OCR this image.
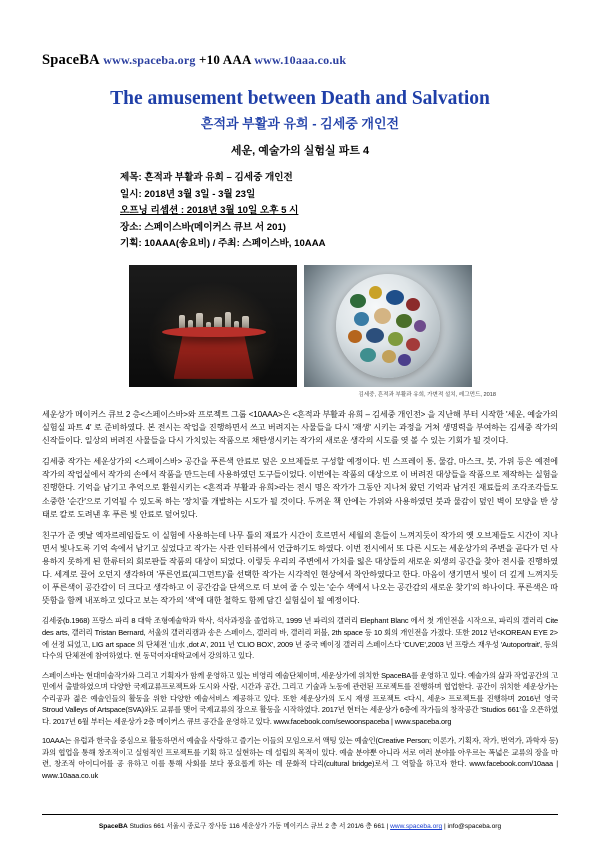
SpaceBA www.spaceba.org +10 AAA www.10aaa.co.uk
The amusement between Death and Salvation
흔적과 부활과 유희 - 김세중 개인전
세운, 예술가의 실험실 파트 4
제목: 흔적과 부활과 유희 – 김세중 개인전
일시: 2018년 3월 3일 - 3월 23일
오프닝 리셉션 : 2018년 3월 10일 오후 5 시
장소: 스페이스바(메이커스 큐브 서 201)
기획: 10AAA(송요비) / 주최: 스페이스바, 10AAA
김세중, 흔적과 부활과 유희, 가변적 설치, 레그먼드, 2018

세운상가 메이커스 큐브 2 층<스페이스바>와 프로젝트 그룹 <10AAA>은 <흔적과 부활과 유희 – 김세중 개인전> 을 지난해 부터 시작한 '세운, 예술가의 실험실 파트 4' 로 준비하였다. 본 전시는 작업을 진행하면서 쓰고 버려지는 사물들을 다시 '재생' 시키는 과정을 거쳐 생명력을 부여하는 김세중 작가의 신작들이다. 일상의 버려진 사물들을 다시 가치있는 작품으로 채탄생시키는 작가의 새로운 생각의 시도를 엿 볼 수 있는 기회가 될 것이다.

김세중 작가는 세운상가의 <스페이스바> 공간을 푸른색 안료로 덮은 오브제들로 구성할 예정이다. 빈 스프레이 통, 물감, 마스크, 붓, 가위 등은 예전에 작가의 작업실에서 작가의 손에서 작품을 만드는데 사용하였던 도구들이었다. 이번에는 작품의 대상으로 이 버려진 대상들을 작품으로 제작하는 실험을 진행한다. 기억을 남기고 추억으로 환원시키는 <흔적과 부활과 유희>라는 전시 명은 작가가 그동안 지나쳐 왔던 기억과 남겨진 재료들의 조각조각들도 소중한 '순간'으로 기억될 수 있도록 하는 '장치'를 개발하는 시도가 될 것이다. 두꺼운 책 안에는 가위와 사용하였던 붓과 물감이 덮인 벽이 모양을 반 상태로 칼로 도려낸 후 푸른 빛 안료로 덮어있다.

친구가 준 옛날 엑자르레임들도 이 실험에 사용하는데 나무 틀의 재료가 시간이 흐르면서 세월의 흔들이 느껴지듯이 작가의 옛 오브제들도 시간이 지나면서 빛나도록 기억 속에서 남기고 싶었다고 작가는 사관 인터뷰에서 언급하기도 하였다. 이번 전시에서 또 다른 시도는 세운상가의 주변을 곧다가 던 사용하지 못하게 된 한류터의 회로판들 작품의 대상이 되었다. 이렇듯 우리의 주변에서 가치를 잃은 대상들의 새로운 외생의 공간을 찾아 전시를 진행하였다. 세계로 끌어 오던지 생각하며 '푸른언료(피그먼트)'를 선택한 작가는 시각적인 현상에서 착안하였다고 한다. 마음이 생기면서 빛이 더 깊게 느껴지듯이 푸른색이 공간감이 더 크다고 생각하고 이 공간감을 단색으로 더 보여 줄 수 있는 '순수 색에서 나오는 공간감의 새로운 찾기'의 하나이다. 푸른색은 따뜻함을 함께 내포하고 있다고 보는 작가의 '색'에 대한 철학도 함께 담긴 실험실이 될 예정이다.

김세중(b.1968) 프랑스 파리 8 대학 조형예술학과 학사, 석사과정을 졸업하고, 1999 년 파리의 갤러리 Elephant Blanc 에서 첫 개인전을 시작으로, 파리의 갤러리 Cite des arts, 갤러리 Tristan Bernard, 서울의 갤러리캠과 송은 스페이스, 갤러리 바, 갤러리 퍼블, 2th space 등 10 회의 개인전을 가졌다. 또한 2012 년<KOREAN EYE 2>에 선정 되었고, LIG art space 의 단체전 '山水 ,dot A', 2011 년 'CLIO BOX', 2009 년 중국 베이징 갤러리 스페이스다 'CUVE',2003 년 프랑스 재우성 'Autoportrait', 등의 다수의 단체전에 참여하였다. 현 동덕여자대학교에서 강의하고 있다.

스페이스바는 현대미술작가와 그리고 기획자가 함께 운영하고 있는 비영리 예술단체이며, 세운상가에 위치한 SpaceBA를 운영하고 있다. 예술가의 삶과 작업공간의 고민에서 출발하였으며 다양한 국제교류프로젝트와 도시와 사람, 시간과 공간, 그리고 기술과 노동에 관련된 프로젝트를 진행하며 협업한다. 공간이 위치한 세운상가는 수리공과 젊은 예술인들의 활동을 위한 다양한 예술서비스 제공하고 있다. 또한 세운상가의 도시 재생 프로젝트 <다시, 세운> 프로젝트를 진행하며 2016년 영국 Stroud Valleys of Artspace(SVA)와도 교류를 맺어 국제교류의 장으로 활동을 시작하였다. 2017년 현터는 세운상가 6층에 작가들의 창작공간 'Studios 661'을 오픈하였다. 2017년 6월 부터는 세운상가 2층 메이커스 큐브 공간을 운영하고 있다. www.facebook.com/sewoonspaceba | www.spaceba.org

10AAA는 유럽과 한국을 중심으로 활동하면서 예술을 사랑하고 즐기는 이들의 모임으로서 액팅 있는 예술인(Creative Person; 이론가, 기획자, 작가, 번역가, 과학자 등)과의 협업을 통해 창조적이고 실험적인 프로젝트를 기획 하고 실현하는 데 설립의 목적이 있다. 예술 분야뿐 아니라 서로 여러 분야를 아우르는 폭넓은 교류의 장을 마련, 창조적 아이디어를 공 유하고 이를 통해 사회를 보다 풍요롭게 하는 데 문화적 다리(cultural bridge)로서 그 역할을 하고자 한다. www.facebook.com/10aaa | www.10aaa.co.uk

SpaceBA Studios 661 서울시 종로구 장사동 116 세운상가 가동 메이커스 큐브 2 층 서 201/6 층 661 | www.spaceba.org | info@spaceba.org
